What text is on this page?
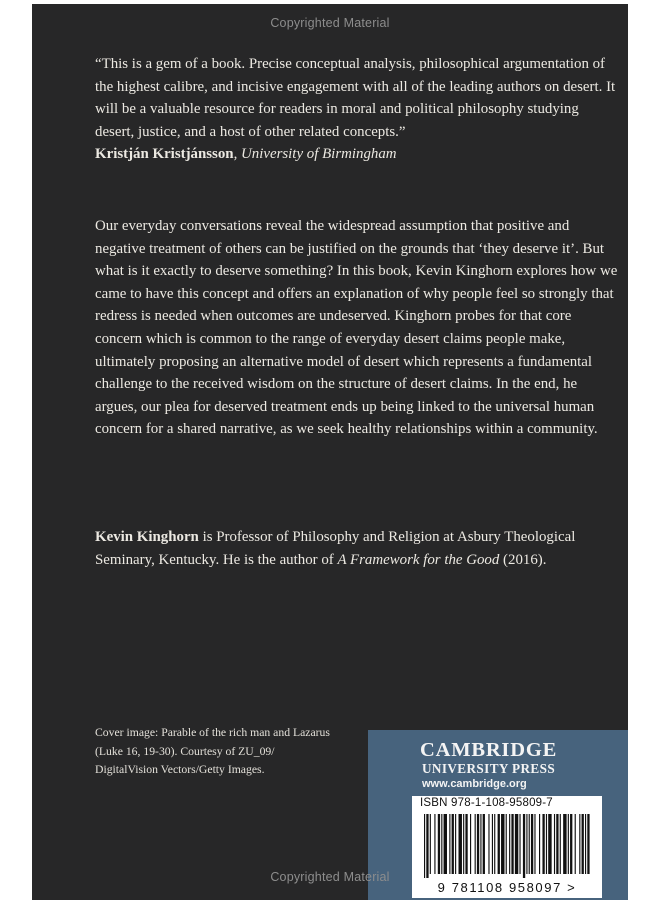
Copyrighted Material
“This is a gem of a book. Precise conceptual analysis, philosophical argumentation of the highest calibre, and incisive engagement with all of the leading authors on desert. It will be a valuable resource for readers in moral and political philosophy studying desert, justice, and a host of other related concepts.”
Kristján Kristjánsson, University of Birmingham
Our everyday conversations reveal the widespread assumption that positive and negative treatment of others can be justified on the grounds that ‘they deserve it’. But what is it exactly to deserve something? In this book, Kevin Kinghorn explores how we came to have this concept and offers an explanation of why people feel so strongly that redress is needed when outcomes are undeserved. Kinghorn probes for that core concern which is common to the range of everyday desert claims people make, ultimately proposing an alternative model of desert which represents a fundamental challenge to the received wisdom on the structure of desert claims. In the end, he argues, our plea for deserved treatment ends up being linked to the universal human concern for a shared narrative, as we seek healthy relationships within a community.
Kevin Kinghorn is Professor of Philosophy and Religion at Asbury Theological Seminary, Kentucky. He is the author of A Framework for the Good (2016).
Cover image: Parable of the rich man and Lazarus (Luke 16, 19-30). Courtesy of ZU_09/ DigitalVision Vectors/Getty Images.
CAMBRIDGE
UNIVERSITY PRESS
www.cambridge.org
ISBN 978-1-108-95809-7
9 781108 958097 >
Copyrighted Material
